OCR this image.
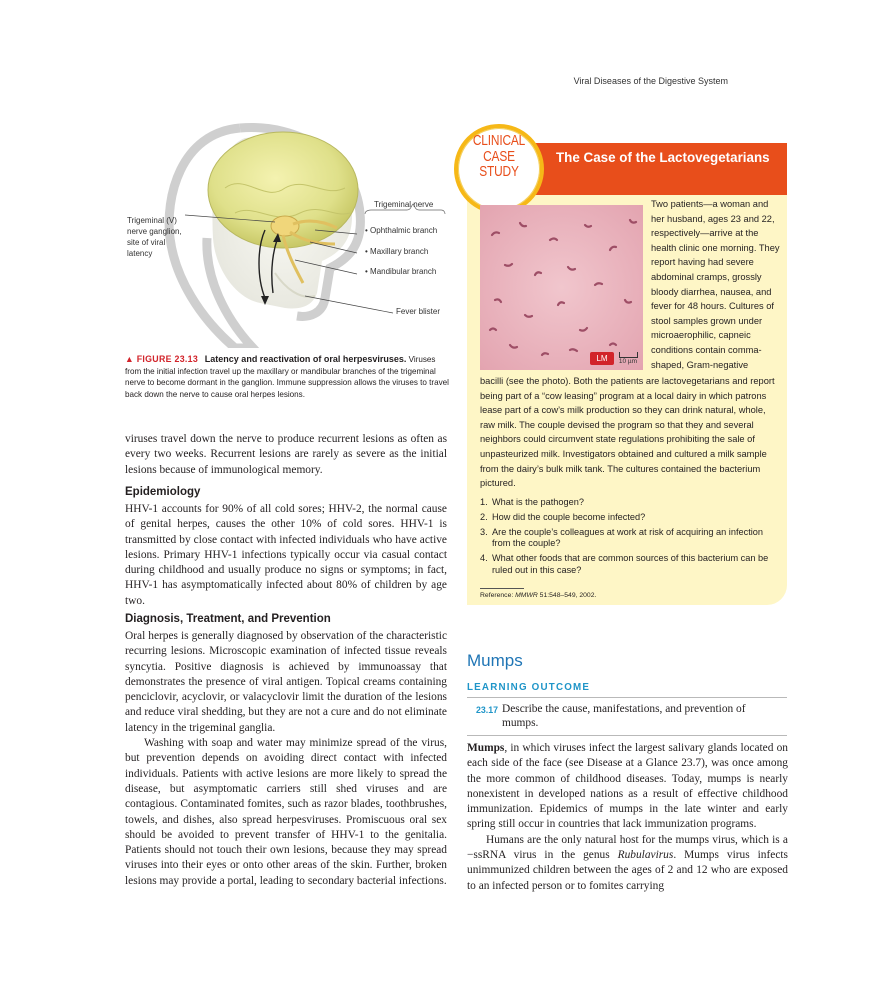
Viral Diseases of the Digestive System
Trigeminal nerve
Trigeminal (V)
nerve ganglion,
site of viral
latency
• Ophthalmic branch
• Maxillary branch
• Mandibular branch
Fever blister
▲ FIGURE 23.13 Latency and reactivation of oral herpesviruses. Viruses from the initial infection travel up the maxillary or mandibular branches of the trigeminal nerve to become dormant in the ganglion. Immune suppression allows the viruses to travel back down the nerve to cause oral herpes lesions.

viruses travel down the nerve to produce recurrent lesions as often as every two weeks. Recurrent lesions are rarely as severe as the initial lesions because of immunological memory.

Epidemiology

HHV-1 accounts for 90% of all cold sores; HHV-2, the normal cause of genital herpes, causes the other 10% of cold sores. HHV-1 is transmitted by close contact with infected individuals who have active lesions. Primary HHV-1 infections typically occur via casual contact during childhood and usually produce no signs or symptoms; in fact, HHV-1 has asymptomatically infected about 80% of children by age two.

Diagnosis, Treatment, and Prevention

Oral herpes is generally diagnosed by observation of the characteristic recurring lesions. Microscopic examination of infected tissue reveals syncytia. Positive diagnosis is achieved by immunoassay that demonstrates the presence of viral antigen. Topical creams containing penciclovir, acyclovir, or valacyclovir limit the duration of the lesions and reduce viral shedding, but they are not a cure and do not eliminate latency in the trigeminal ganglia.

Washing with soap and water may minimize spread of the virus, but prevention depends on avoiding direct contact with infected individuals. Patients with active lesions are more likely to spread the disease, but asymptomatic carriers still shed viruses and are contagious. Contaminated fomites, such as razor blades, toothbrushes, towels, and dishes, also spread herpesviruses. Promiscuous oral sex should be avoided to prevent transfer of HHV-1 to the genitalia. Patients should not touch their own lesions, because they may spread viruses into their eyes or onto other areas of the skin. Further, broken lesions may provide a portal, leading to secondary bacterial infections.

The Case of the Lactovegetarians
CLINICAL
CASE
STUDY
LM	10 µm
Two patients—a woman and her husband, ages 23 and 22, respectively—arrive at the health clinic one morning. They report having had severe abdominal cramps, grossly bloody diarrhea, nausea, and fever for 48 hours. Cultures of stool samples grown under microaerophilic, capneic conditions contain comma-shaped, Gram-negative
bacilli (see the photo). Both the patients are lactovegetarians and report being part of a “cow leasing” program at a local dairy in which patrons lease part of a cow’s milk production so they can drink natural, whole, raw milk. The couple devised the program so that they and several neighbors could circumvent state regulations prohibiting the sale of unpasteurized milk. Investigators obtained and cultured a milk sample from the dairy’s bulk milk tank. The cultures contained the bacterium pictured.
1. What is the pathogen?
2. How did the couple become infected?
3. Are the couple’s colleagues at work at risk of acquiring an infection from the couple?
4. What other foods that are common sources of this bacterium can be ruled out in this case?
Reference: MMWR 51:548–549, 2002.
Mumps
LEARNING OUTCOME
23.17 Describe the cause, manifestations, and prevention of mumps.

Mumps, in which viruses infect the largest salivary glands located on each side of the face (see Disease at a Glance 23.7), was once among the more common of childhood diseases. Today, mumps is nearly nonexistent in developed nations as a result of effective childhood immunization. Epidemics of mumps in the late winter and early spring still occur in countries that lack immunization programs.

Humans are the only natural host for the mumps virus, which is a −ssRNA virus in the genus Rubulavirus. Mumps virus infects unimmunized children between the ages of 2 and 12 who are exposed to an infected person or to fomites carrying
